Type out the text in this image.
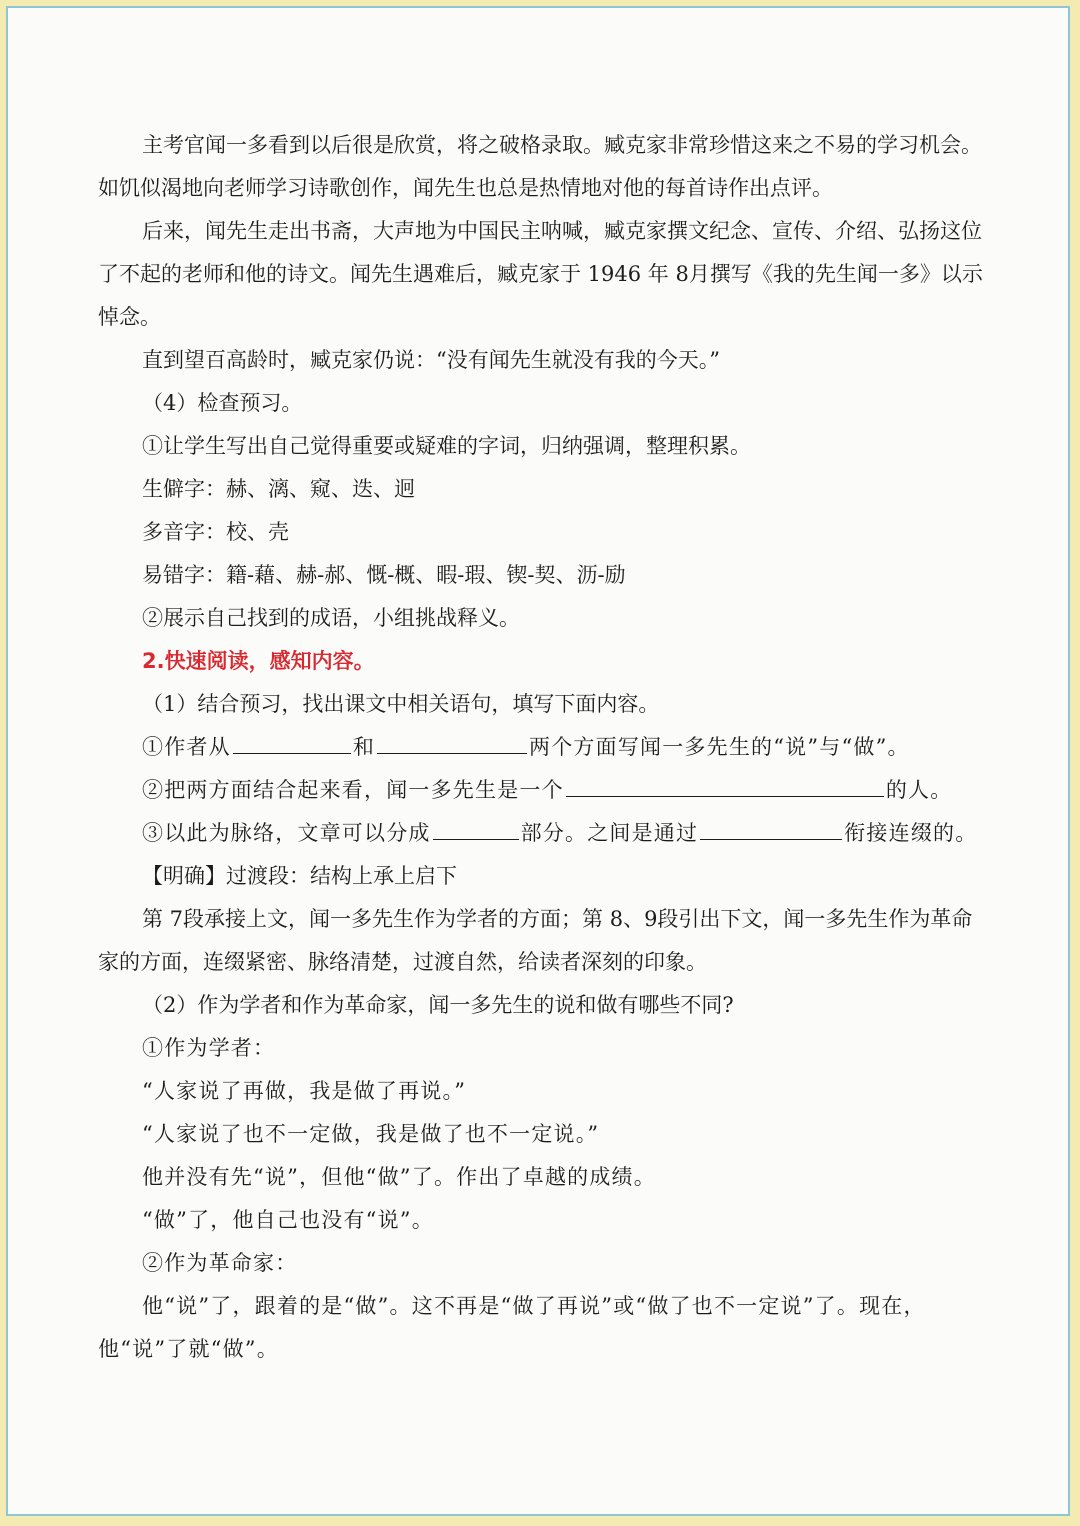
主考官闻一多看到以后很是欣赏，将之破格录取。臧克家非常珍惜这来之不易的学习机会。如饥似渴地向老师学习诗歌创作，闻先生也总是热情地对他的每首诗作出点评。

后来，闻先生走出书斋，大声地为中国民主呐喊，臧克家撰文纪念、宣传、介绍、弘扬这位了不起的老师和他的诗文。闻先生遇难后，臧克家于 1946 年 8月撰写《我的先生闻一多》以示悼念。

直到望百高龄时，臧克家仍说：“没有闻先生就没有我的今天。”

（4）检查预习。

①让学生写出自己觉得重要或疑难的字词，归纳强调，整理积累。

生僻字：赫、漓、窥、迭、迥

多音字：校、壳

易错字：籍-藉、赫-郝、慨-概、暇-瑕、锲-契、沥-励

②展示自己找到的成语，小组挑战释义。

2.快速阅读，感知内容。

（1）结合预习，找出课文中相关语句，填写下面内容。

①作者从	和	两个方面写闻一多先生的“说”与“做”。

②把两方面结合起来看，闻一多先生是一个	的人。

③以此为脉络，文章可以分成	部分。之间是通过	衔接连缀的。

【明确】过渡段：结构上承上启下

第 7段承接上文，闻一多先生作为学者的方面；第 8、9段引出下文，闻一多先生作为革命家的方面，连缀紧密、脉络清楚，过渡自然，给读者深刻的印象。

（2）作为学者和作为革命家，闻一多先生的说和做有哪些不同?

①作为学者：

“人家说了再做，我是做了再说。”

“人家说了也不一定做，我是做了也不一定说。”

他并没有先“说”，但他“做”了。作出了卓越的成绩。

“做”了，他自己也没有“说”。

②作为革命家：

他“说”了，跟着的是“做”。这不再是“做了再说”或“做了也不一定说”了。现在，他“说”了就“做”。
